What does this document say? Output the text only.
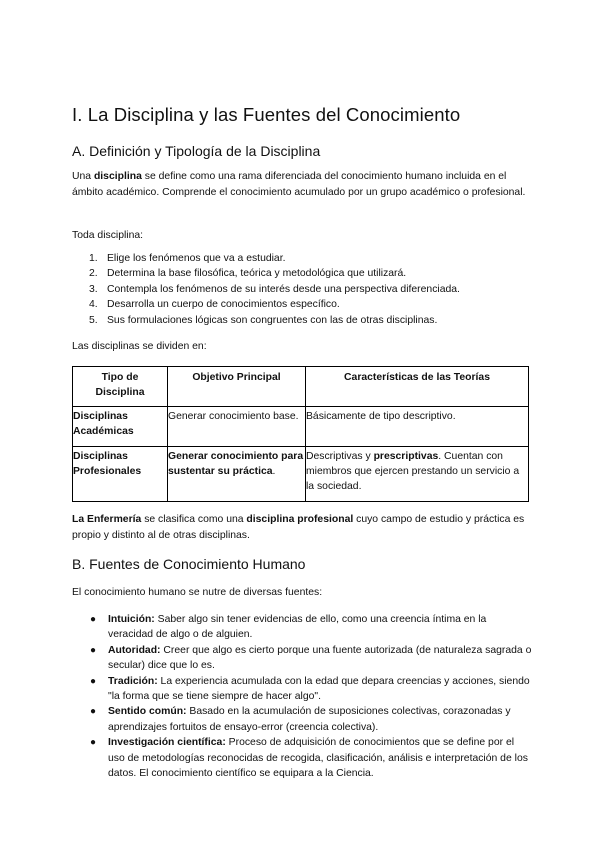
I. La Disciplina y las Fuentes del Conocimiento
A. Definición y Tipología de la Disciplina

Una disciplina se define como una rama diferenciada del conocimiento humano incluida en el ámbito académico. Comprende el conocimiento acumulado por un grupo académico o profesional.

Toda disciplina:

1. Elige los fenómenos que va a estudiar.
2. Determina la base filosófica, teórica y metodológica que utilizará.
3. Contempla los fenómenos de su interés desde una perspectiva diferenciada.
4. Desarrolla un cuerpo de conocimientos específico.
5. Sus formulaciones lógicas son congruentes con las de otras disciplinas.

Las disciplinas se dividen en:

Tipo de Disciplina	Objetivo Principal	Características de las Teorías
Disciplinas Académicas	Generar conocimiento base.	Básicamente de tipo descriptivo.
Disciplinas Profesionales	Generar conocimiento para sustentar su práctica.	Descriptivas y prescriptivas. Cuentan con miembros que ejercen prestando un servicio a la sociedad.

La Enfermería se clasifica como una disciplina profesional cuyo campo de estudio y práctica es propio y distinto al de otras disciplinas.

B. Fuentes de Conocimiento Humano

El conocimiento humano se nutre de diversas fuentes:

● Intuición: Saber algo sin tener evidencias de ello, como una creencia íntima en la veracidad de algo o de alguien.
● Autoridad: Creer que algo es cierto porque una fuente autorizada (de naturaleza sagrada o secular) dice que lo es.
● Tradición: La experiencia acumulada con la edad que depara creencias y acciones, siendo "la forma que se tiene siempre de hacer algo".
● Sentido común: Basado en la acumulación de suposiciones colectivas, corazonadas y aprendizajes fortuitos de ensayo-error (creencia colectiva).
● Investigación científica: Proceso de adquisición de conocimientos que se define por el uso de metodologías reconocidas de recogida, clasificación, análisis e interpretación de los datos. El conocimiento científico se equipara a la Ciencia.
